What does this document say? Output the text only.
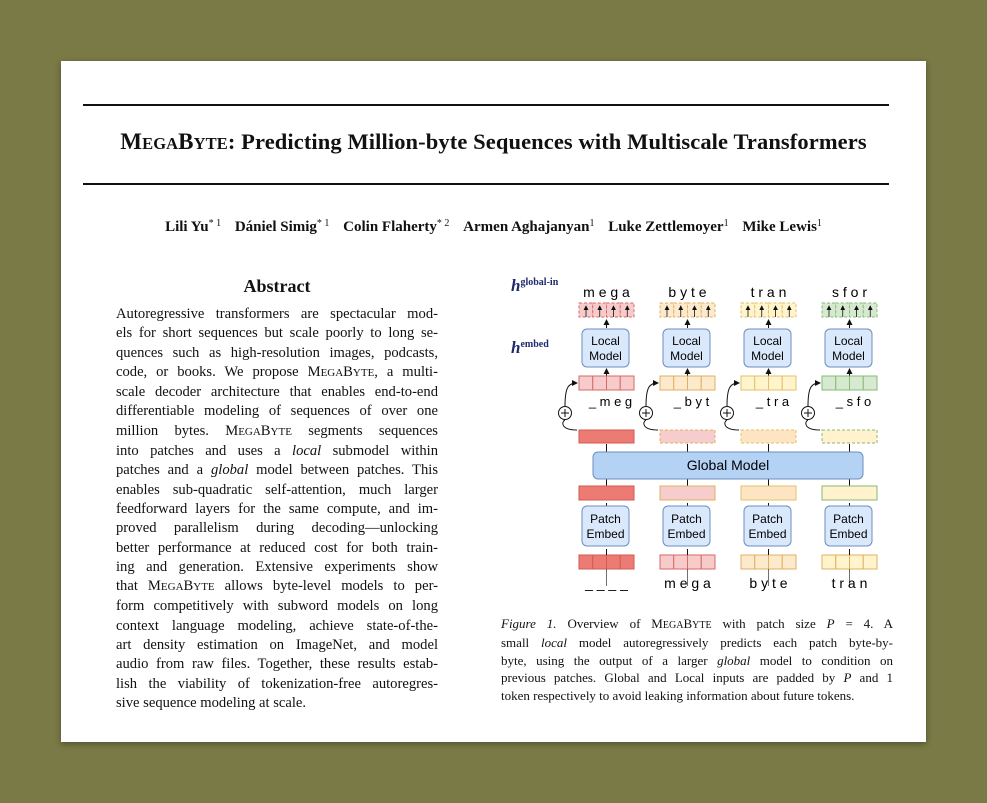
MEGABYTE: Predicting Million-byte Sequences with Multiscale Transformers
Lili Yu$^{* 1}$ Dániel Simig$^{* 1}$ Colin Flaherty$^{* 2}$ Armen Aghajanyan$^1$ Luke Zettlemoyer$^1$ Mike Lewis$^1$
Abstract
Autoregressive transformers are spectacular mod-
els for short sequences but scale poorly to long se-
quences such as high-resolution images, podcasts,
code, or books. We propose MEGABYTE, a multi-
scale decoder architecture that enables end-to-end
differentiable modeling of sequences of over one
million bytes. MEGABYTE segments sequences
into patches and uses a local submodel within
patches and a global model between patches. This
enables sub-quadratic self-attention, much larger
feedforward layers for the same compute, and im-
proved parallelism during decoding—unlocking
better performance at reduced cost for both train-
ing and generation. Extensive experiments show
that MEGABYTE allows byte-level models to per-
form competitively with subword models on long
context language modeling, achieve state-of-the-
art density estimation on ImageNet, and model
audio from raw files. Together, these results estab-
lish the viability of tokenization-free autoregres-
sive sequence modeling at scale.
$h^{global-in}$
$h^{embed}$
m e g a
Local
Model
_ m e g
Patch
Embed
_ _ _ _
b y t e
Local
Model
_ b y t
Patch
Embed
m e g a
t r a n
Local
Model
_ t r a
Patch
Embed
b y t e
s f o r
Local
Model
_ s f o
Patch
Embed
t r a n
Global Model
Figure 1. Overview of MEGABYTE with patch size P = 4. A
small local model autoregressively predicts each patch byte-by-
byte, using the output of a larger global model to condition on
previous patches. Global and Local inputs are padded by P and 1
token respectively to avoid leaking information about future tokens.
